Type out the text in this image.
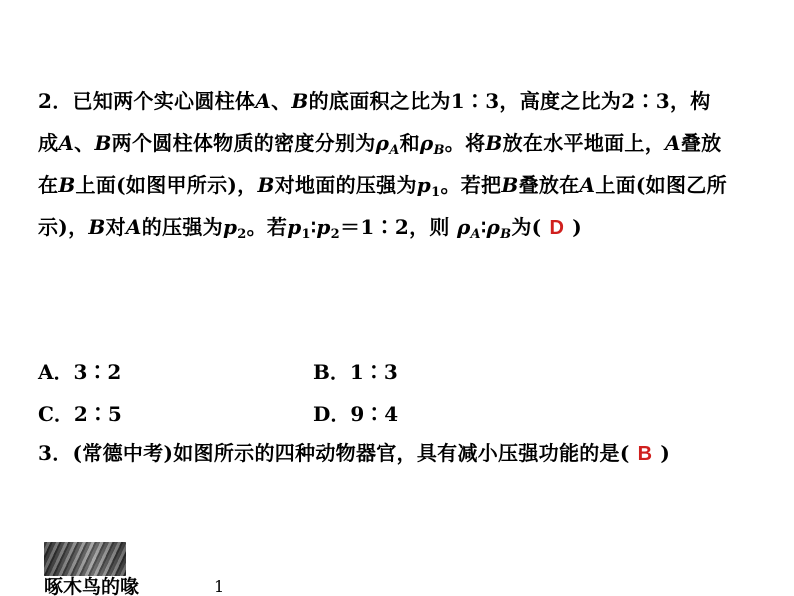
2．已知两个实心圆柱体A、B的底面积之比为1∶3，高度之比为2∶3，构
成A、B两个圆柱体物质的密度分别为$\rho_A$和$\rho_B$。将B放在水平地面上，A叠放
在B上面(如图甲所示)，B对地面的压强为$p_1$。若把B叠放在A上面(如图乙所
示)，B对A的压强为$p_2$。若$p_1∶p_2=1∶2$，则 $\rho_A∶\rho_B$为( D )
A．3∶2	B．1∶3
C．2∶5	D．9∶4
3．(常德中考)如图所示的四种动物器官，具有减小压强功能的是( B )
啄木鸟的喙	1
